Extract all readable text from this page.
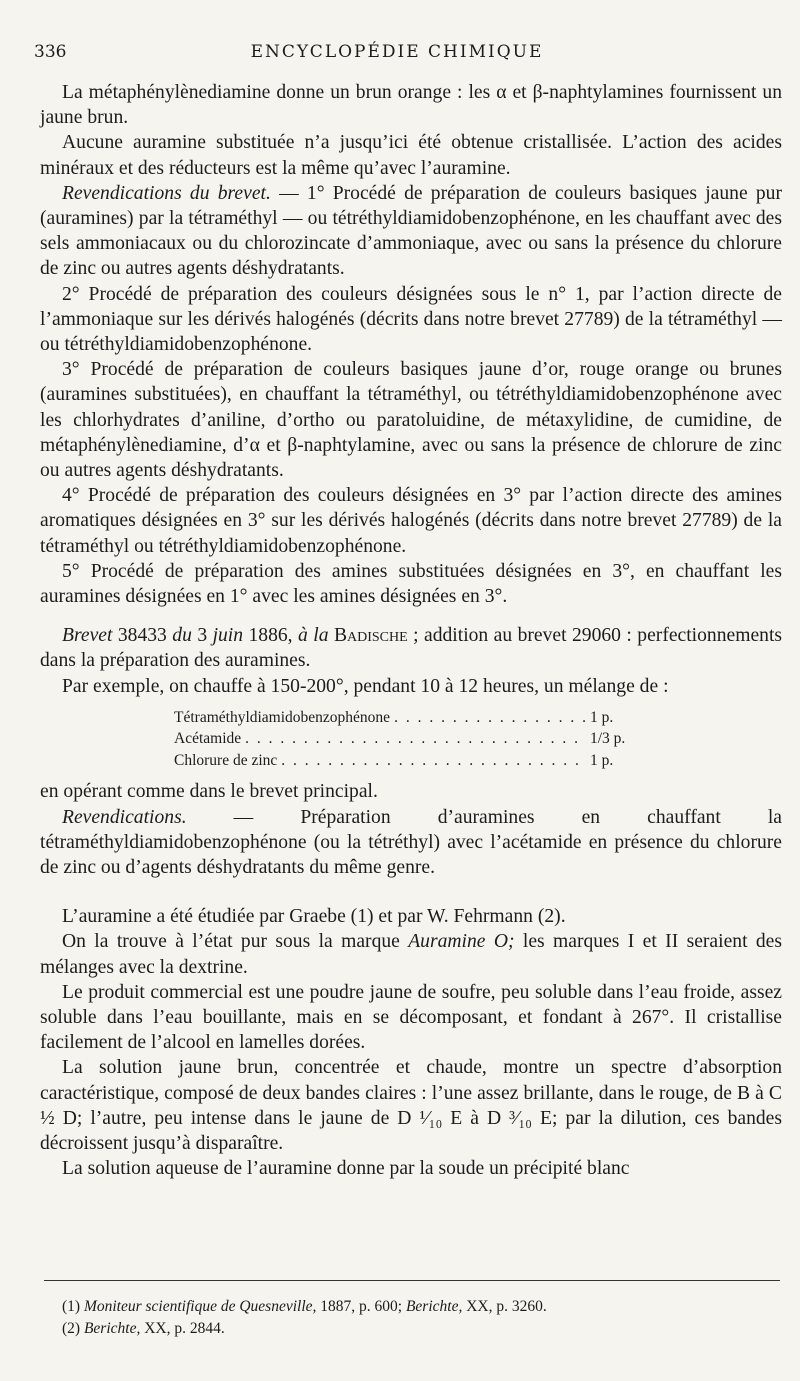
336	ENCYCLOPÉDIE CHIMIQUE

La métaphénylènediamine donne un brun orange : les α et β-naphtylamines fournissent un jaune brun.

Aucune auramine substituée n’a jusqu’ici été obtenue cristallisée. L’action des acides minéraux et des réducteurs est la même qu’avec l’auramine.

Revendications du brevet. — 1° Procédé de préparation de couleurs basiques jaune pur (auramines) par la tétraméthyl — ou tétréthyldiamidobenzophénone, en les chauffant avec des sels ammoniacaux ou du chlorozincate d’ammoniaque, avec ou sans la présence du chlorure de zinc ou autres agents déshydratants.

2° Procédé de préparation des couleurs désignées sous le n° 1, par l’action directe de l’ammoniaque sur les dérivés halogénés (décrits dans notre brevet 27789) de la tétraméthyl — ou tétréthyldiamidobenzophénone.

3° Procédé de préparation de couleurs basiques jaune d’or, rouge orange ou brunes (auramines substituées), en chauffant la tétraméthyl, ou tétréthyldiamidobenzophénone avec les chlorhydrates d’aniline, d’ortho ou paratoluidine, de métaxylidine, de cumidine, de métaphénylènediamine, d’α et β-naphtylamine, avec ou sans la présence de chlorure de zinc ou autres agents déshydratants.

4° Procédé de préparation des couleurs désignées en 3° par l’action directe des amines aromatiques désignées en 3° sur les dérivés halogénés (décrits dans notre brevet 27789) de la tétraméthyl ou tétréthyldiamidobenzophénone.

5° Procédé de préparation des amines substituées désignées en 3°, en chauffant les auramines désignées en 1° avec les amines désignées en 3°.

Brevet 38433 du 3 juin 1886, à la Badische ; addition au brevet 29060 : perfectionnements dans la préparation des auramines.

Par exemple, on chauffe à 150-200°, pendant 10 à 12 heures, un mélange de :

Tétraméthyldiamidobenzophénone . . .	1 p.
Acétamide . . .	1/3 p.
Chlorure de zinc . . .	1 p.

en opérant comme dans le brevet principal.

Revendications. — Préparation d’auramines en chauffant la tétraméthyldiamidobenzophénone (ou la tétréthyl) avec l’acétamide en présence du chlorure de zinc ou d’agents déshydratants du même genre.

L’auramine a été étudiée par Graebe (1) et par W. Fehrmann (2).

On la trouve à l’état pur sous la marque Auramine O; les marques I et II seraient des mélanges avec la dextrine.

Le produit commercial est une poudre jaune de soufre, peu soluble dans l’eau froide, assez soluble dans l’eau bouillante, mais en se décomposant, et fondant à 267°. Il cristallise facilement de l’alcool en lamelles dorées.

La solution jaune brun, concentrée et chaude, montre un spectre d’absorption caractéristique, composé de deux bandes claires : l’une assez brillante, dans le rouge, de B à C ½ D; l’autre, peu intense dans le jaune de D ¹⁄₁₀ E à D ³⁄₁₀ E; par la dilution, ces bandes décroissent jusqu’à disparaître.

La solution aqueuse de l’auramine donne par la soude un précipité blanc

(1) Moniteur scientifique de Quesneville, 1887, p. 600; Berichte, XX, p. 3260.

(2) Berichte, XX, p. 2844.
